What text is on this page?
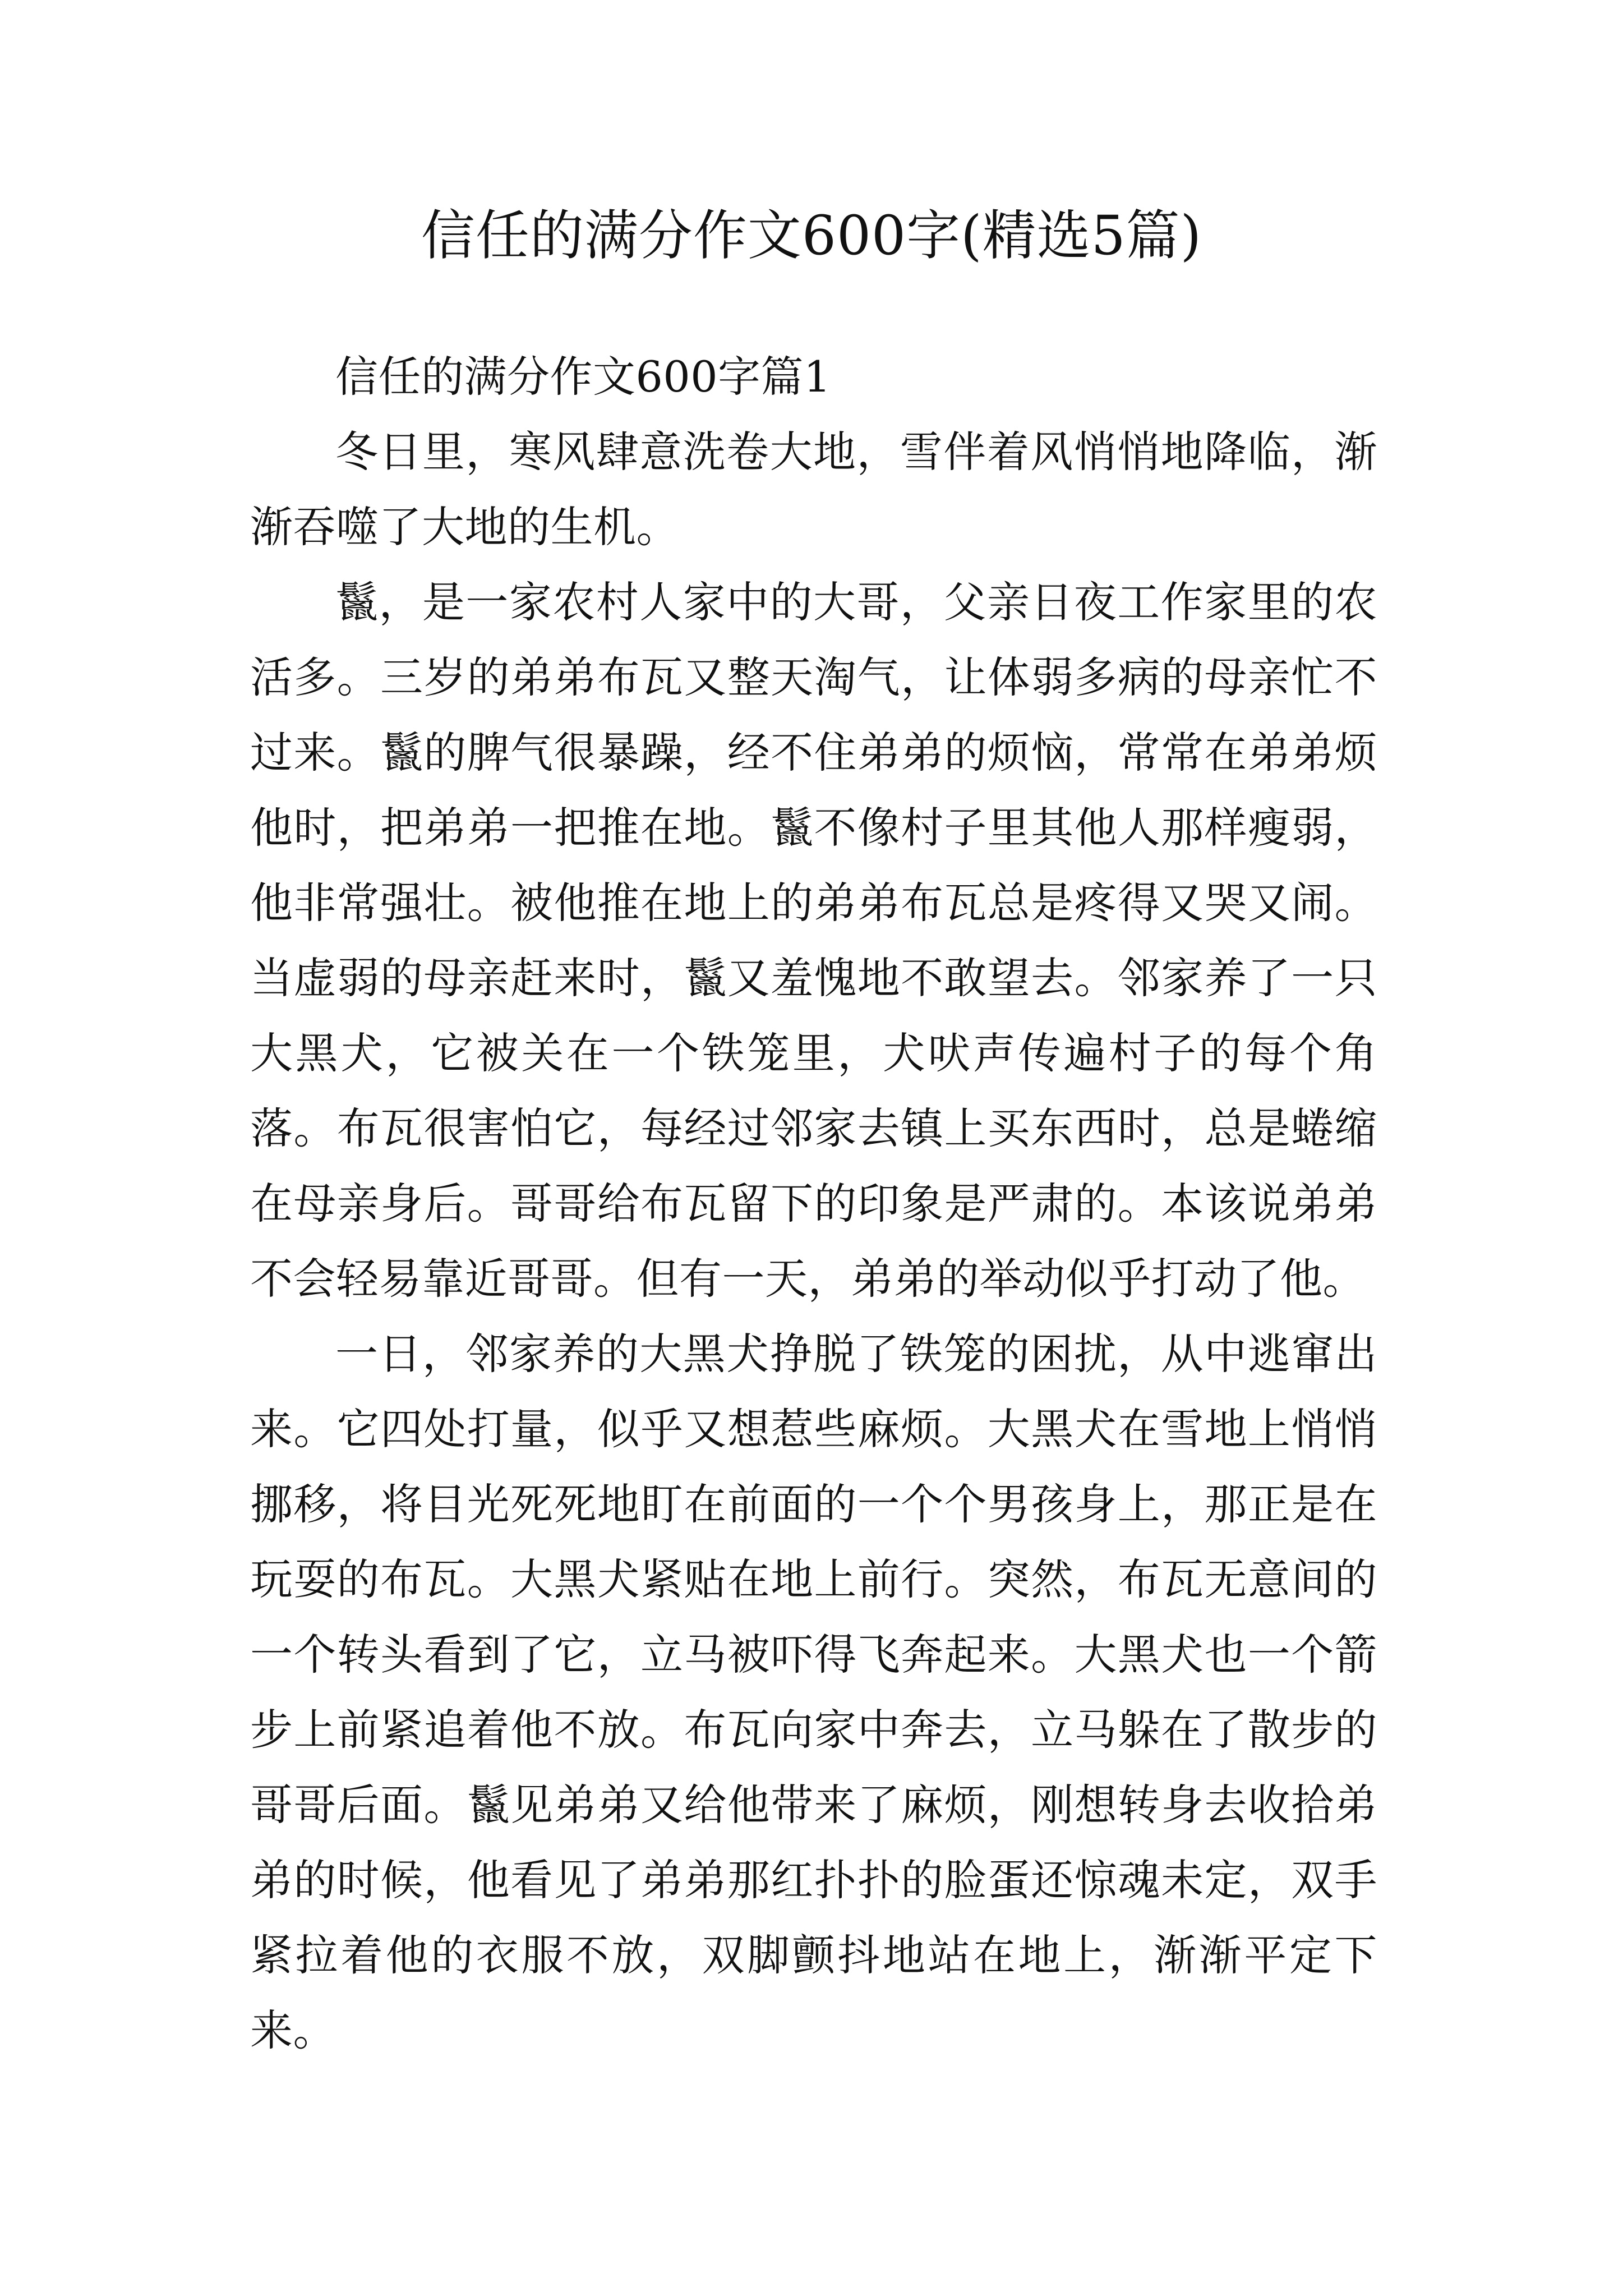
信任的满分作文600字(精选5篇)

信任的满分作文600字篇1

冬日里，寒风肆意洗卷大地，雪伴着风悄悄地降临，渐渐吞噬了大地的生机。

鬣，是一家农村人家中的大哥，父亲日夜工作家里的农活多。三岁的弟弟布瓦又整天淘气，让体弱多病的母亲忙不过来。鬣的脾气很暴躁，经不住弟弟的烦恼，常常在弟弟烦他时，把弟弟一把推在地。鬣不像村子里其他人那样瘦弱，他非常强壮。被他推在地上的弟弟布瓦总是疼得又哭又闹。当虚弱的母亲赶来时，鬣又羞愧地不敢望去。邻家养了一只大黑犬，它被关在一个铁笼里，犬吠声传遍村子的每个角落。布瓦很害怕它，每经过邻家去镇上买东西时，总是蜷缩在母亲身后。哥哥给布瓦留下的印象是严肃的。本该说弟弟不会轻易靠近哥哥。但有一天，弟弟的举动似乎打动了他。

一日，邻家养的大黑犬挣脱了铁笼的困扰，从中逃窜出来。它四处打量，似乎又想惹些麻烦。大黑犬在雪地上悄悄挪移，将目光死死地盯在前面的一个个男孩身上，那正是在玩耍的布瓦。大黑犬紧贴在地上前行。突然，布瓦无意间的一个转头看到了它，立马被吓得飞奔起来。大黑犬也一个箭步上前紧追着他不放。布瓦向家中奔去，立马躲在了散步的哥哥后面。鬣见弟弟又给他带来了麻烦，刚想转身去收拾弟弟的时候，他看见了弟弟那红扑扑的脸蛋还惊魂未定，双手紧拉着他的衣服不放，双脚颤抖地站在地上，渐渐平定下来。
